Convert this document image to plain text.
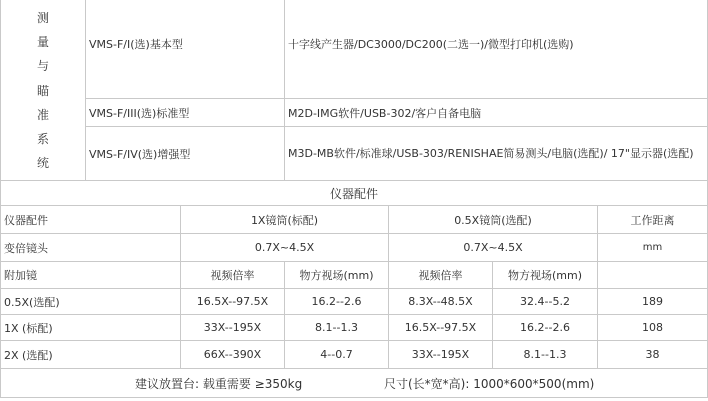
测
量
与
瞄
准
系
统
VMS-F/Ⅰ(选)基本型	十字线产生器/DC3000/DC200(二选一)/微型打印机(选购)
VMS-F/III(选)标准型	M2D-IMG软件/USB-302/客户自备电脑
VMS-F/IV(选)增强型	M3D-MB软件/标准球/USB-303/RENISHAE简易测头/电脑(选配)/ 17"显示器(选配)
仪器配件
仪器配件	1X镜筒(标配)	0.5X镜筒(选配)	工作距离
变倍镜头	0.7X~4.5X	0.7X~4.5X	mm
附加镜	视频倍率	物方视场(mm)	视频倍率	物方视场(mm)
0.5X(选配)	16.5X--97.5X	16.2--2.6	8.3X--48.5X	32.4--5.2	189
1X (标配)	33X--195X	8.1--1.3	16.5X--97.5X	16.2--2.6	108
2X (选配)	66X--390X	4--0.7	33X--195X	8.1--1.3	38
建议放置台: 载重需要 ≥350kg	尺寸(长*宽*高): 1000*600*500(mm)
